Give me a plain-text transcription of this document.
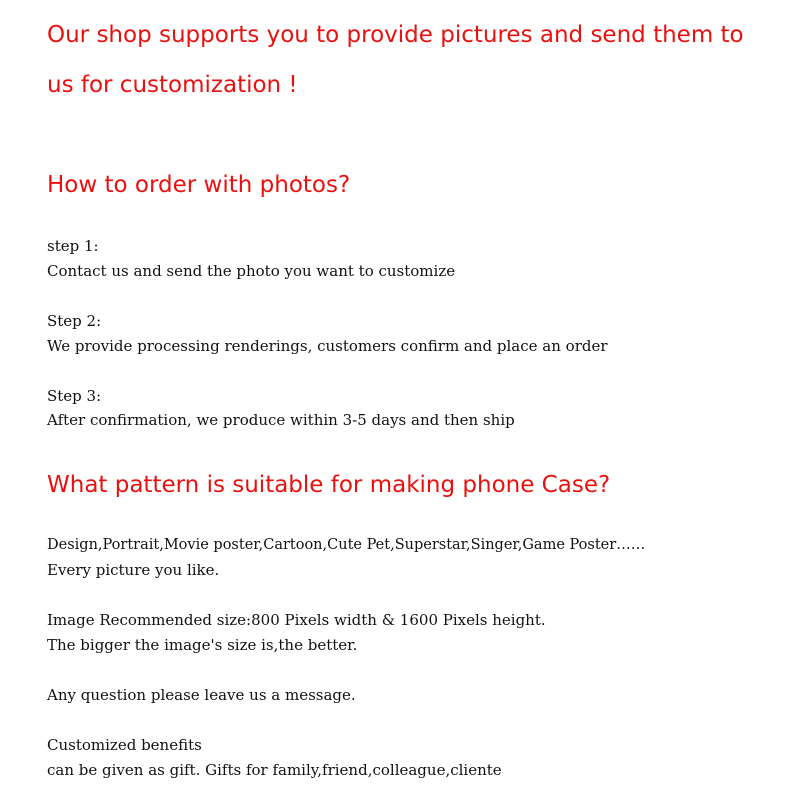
Our shop supports you to provide pictures and send them to
us for customization !
How to order with photos?
step 1:
Contact us and send the photo you want to customize
Step 2:
We provide processing renderings, customers confirm and place an order
Step 3:
After confirmation, we produce within 3-5 days and then ship
What pattern is suitable for making phone Case?
Design,Portrait,Movie poster,Cartoon,Cute Pet,Superstar,Singer,Game Poster……
Every picture you like.
Image Recommended size:800 Pixels width & 1600 Pixels height.
The bigger the image's size is,the better.
Any question please leave us a message.
Customized benefits
can be given as gift. Gifts for family,friend,colleague,cliente
